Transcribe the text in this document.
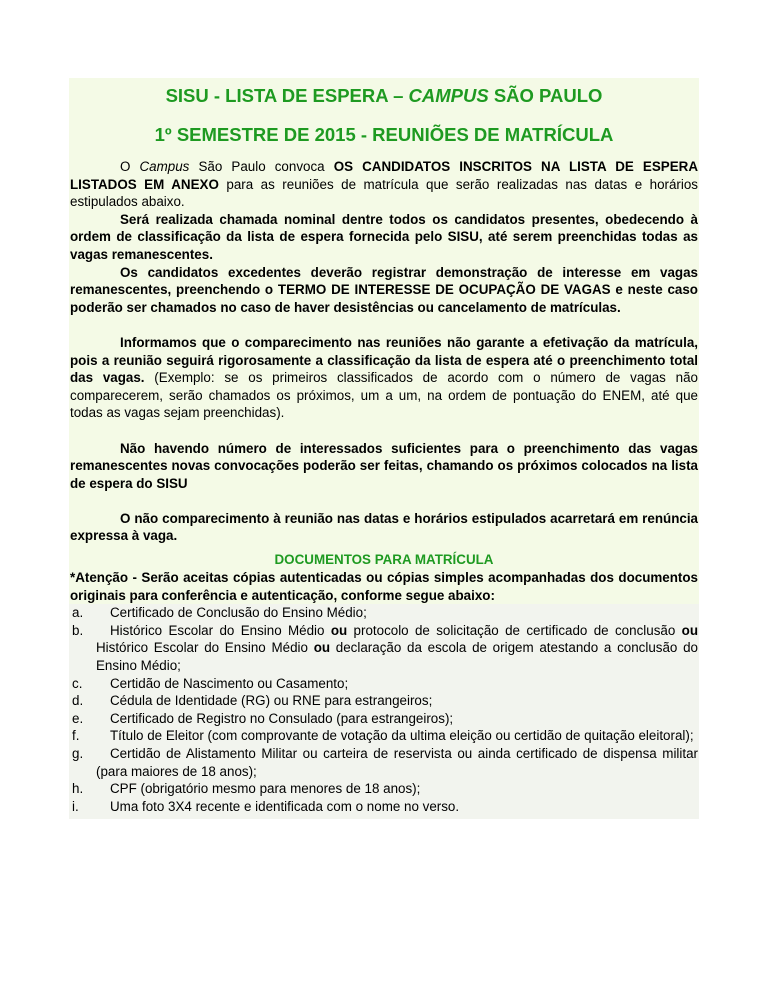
SISU - LISTA DE ESPERA – CAMPUS SÃO PAULO
1º SEMESTRE DE 2015 - REUNIÕES DE MATRÍCULA

O Campus São Paulo convoca OS CANDIDATOS INSCRITOS NA LISTA DE ESPERA LISTADOS EM ANEXO para as reuniões de matrícula que serão realizadas nas datas e horários estipulados abaixo.

Será realizada chamada nominal dentre todos os candidatos presentes, obedecendo à ordem de classificação da lista de espera fornecida pelo SISU, até serem preenchidas todas as vagas remanescentes.

Os candidatos excedentes deverão registrar demonstração de interesse em vagas remanescentes, preenchendo o TERMO DE INTERESSE DE OCUPAÇÃO DE VAGAS e neste caso poderão ser chamados no caso de haver desistências ou cancelamento de matrículas.

Informamos que o comparecimento nas reuniões não garante a efetivação da matrícula, pois a reunião seguirá rigorosamente a classificação da lista de espera até o preenchimento total das vagas. (Exemplo: se os primeiros classificados de acordo com o número de vagas não comparecerem, serão chamados os próximos, um a um, na ordem de pontuação do ENEM, até que todas as vagas sejam preenchidas).

Não havendo número de interessados suficientes para o preenchimento das vagas remanescentes novas convocações poderão ser feitas, chamando os próximos colocados na lista de espera do SISU

O não comparecimento à reunião nas datas e horários estipulados acarretará em renúncia expressa à vaga.

DOCUMENTOS PARA MATRÍCULA

*Atenção - Serão aceitas cópias autenticadas ou cópias simples acompanhadas dos documentos originais para conferência e autenticação, conforme segue abaixo:

a.	Certificado de Conclusão do Ensino Médio;
b.	Histórico Escolar do Ensino Médio ou protocolo de solicitação de certificado de conclusão ou Histórico Escolar do Ensino Médio ou declaração da escola de origem atestando a conclusão do Ensino Médio;
c.	Certidão de Nascimento ou Casamento;
d.	Cédula de Identidade (RG) ou RNE para estrangeiros;
e.	Certificado de Registro no Consulado (para estrangeiros);
f.	Título de Eleitor (com comprovante de votação da ultima eleição ou certidão de quitação eleitoral);
g.	Certidão de Alistamento Militar ou carteira de reservista ou ainda certificado de dispensa militar (para maiores de 18 anos);
h.	CPF (obrigatório mesmo para menores de 18 anos);
i.	Uma foto 3X4 recente e identificada com o nome no verso.
